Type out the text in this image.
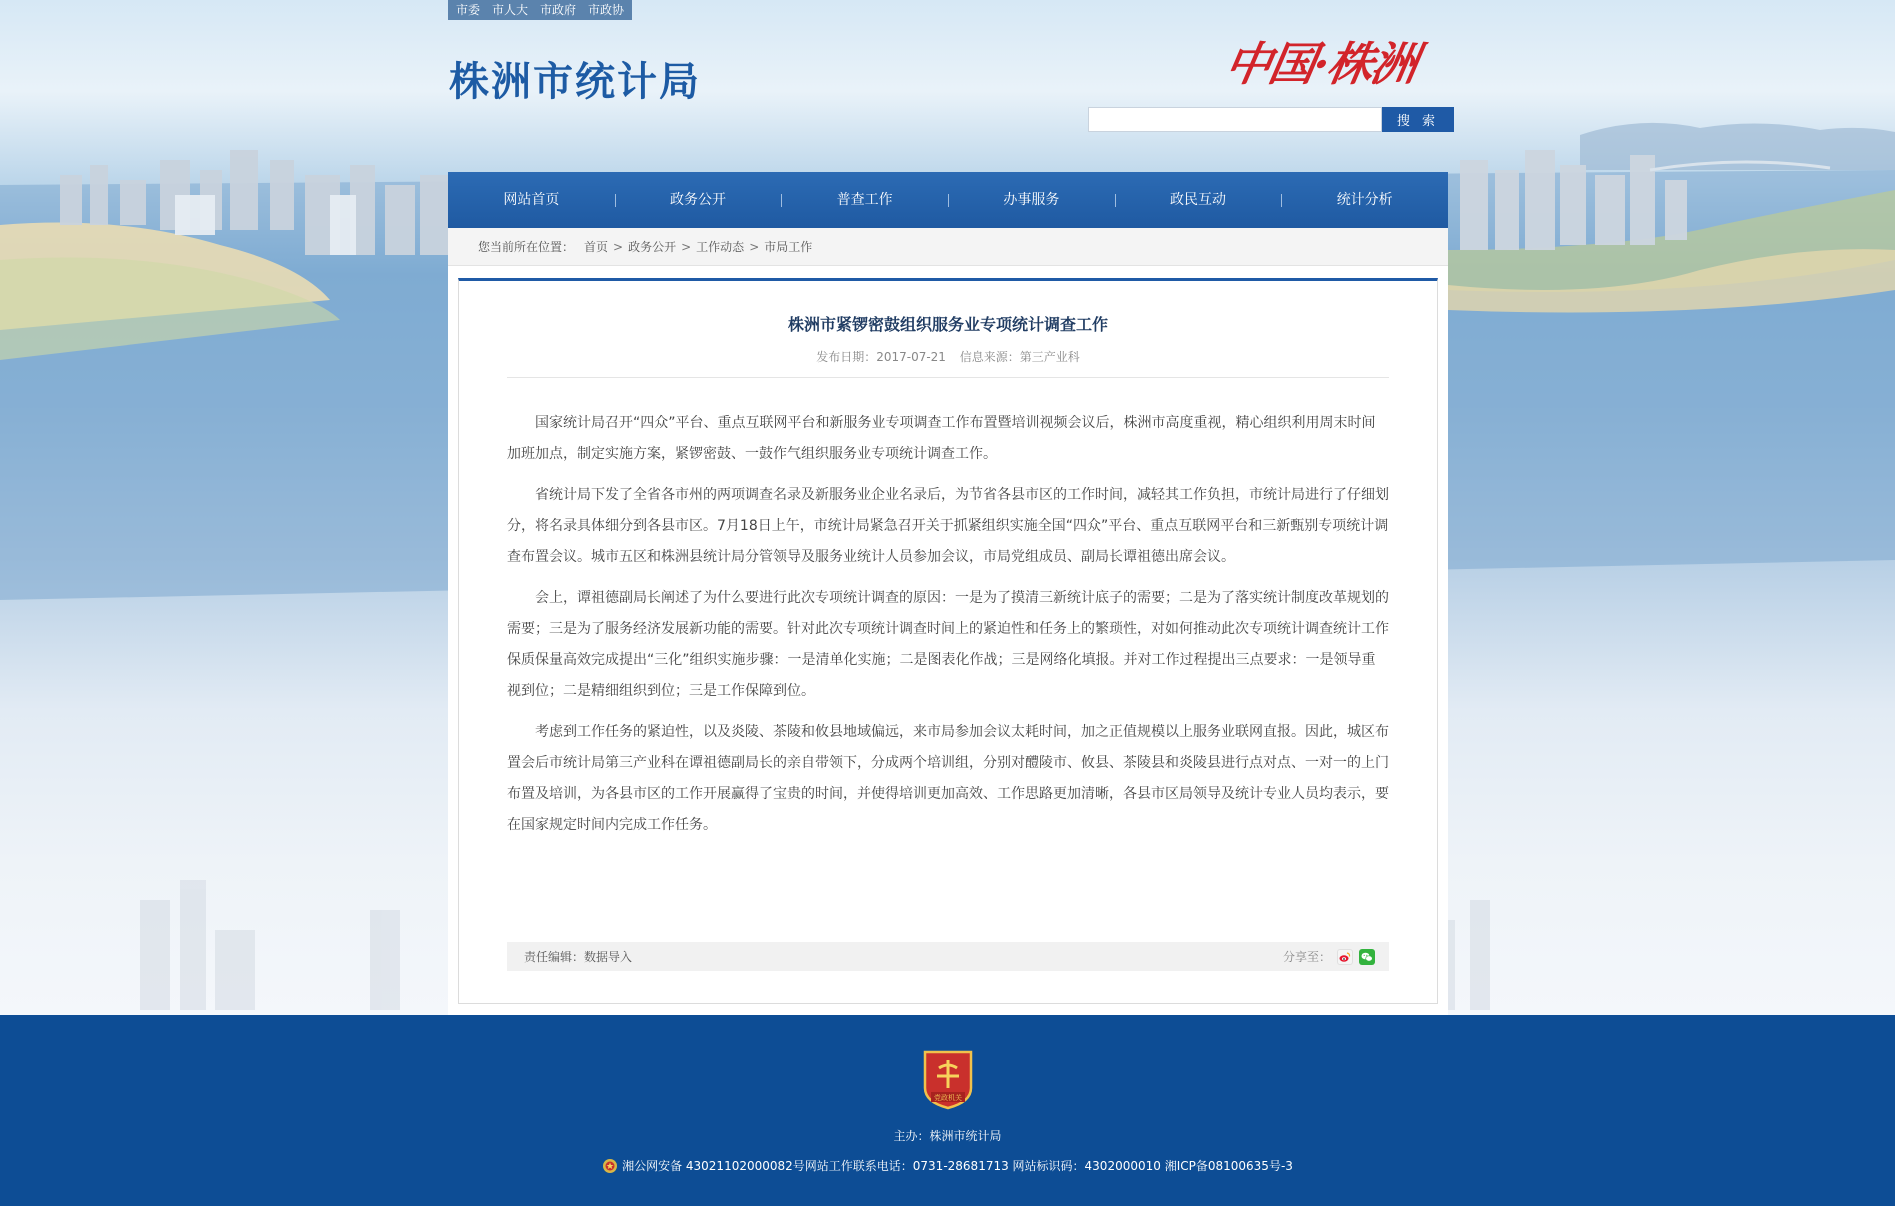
市委 市人大 市政府 市政协
株洲市统计局	中国·株洲
搜 索
网站首页	政务公开	普查工作	办事服务	政民互动	统计分析
您当前所在位置： 首页 > 政务公开 > 工作动态 > 市局工作
株洲市紧锣密鼓组织服务业专项统计调查工作
发布日期：2017-07-21 信息来源：第三产业科

国家统计局召开“四众”平台、重点互联网平台和新服务业专项调查工作布置暨培训视频会议后，株洲市高度重视，精心组织利用周末时间加班加点，制定实施方案，紧锣密鼓、一鼓作气组织服务业专项统计调查工作。

省统计局下发了全省各市州的两项调查名录及新服务业企业名录后，为节省各县市区的工作时间，减轻其工作负担，市统计局进行了仔细划分，将名录具体细分到各县市区。7月18日上午，市统计局紧急召开关于抓紧组织实施全国“四众”平台、重点互联网平台和三新甄别专项统计调查布置会议。城市五区和株洲县统计局分管领导及服务业统计人员参加会议，市局党组成员、副局长谭祖德出席会议。

会上，谭祖德副局长阐述了为什么要进行此次专项统计调查的原因：一是为了摸清三新统计底子的需要；二是为了落实统计制度改革规划的需要；三是为了服务经济发展新功能的需要。针对此次专项统计调查时间上的紧迫性和任务上的繁琐性，对如何推动此次专项统计调查统计工作保质保量高效完成提出“三化”组织实施步骤：一是清单化实施；二是图表化作战；三是网络化填报。并对工作过程提出三点要求：一是领导重视到位；二是精细组织到位；三是工作保障到位。

考虑到工作任务的紧迫性，以及炎陵、茶陵和攸县地域偏远，来市局参加会议太耗时间，加之正值规模以上服务业联网直报。因此，城区布置会后市统计局第三产业科在谭祖德副局长的亲自带领下，分成两个培训组，分别对醴陵市、攸县、茶陵县和炎陵县进行点对点、一对一的上门布置及培训，为各县市区的工作开展赢得了宝贵的时间，并使得培训更加高效、工作思路更加清晰，各县市区局领导及统计专业人员均表示，要在国家规定时间内完成工作任务。

责任编辑：数据导入	分享至：
党政机关
主办：株洲市统计局
湘公网安备 43021102000082号网站工作联系电话：0731-28681713 网站标识码：4302000010 湘ICP备08100635号-3
